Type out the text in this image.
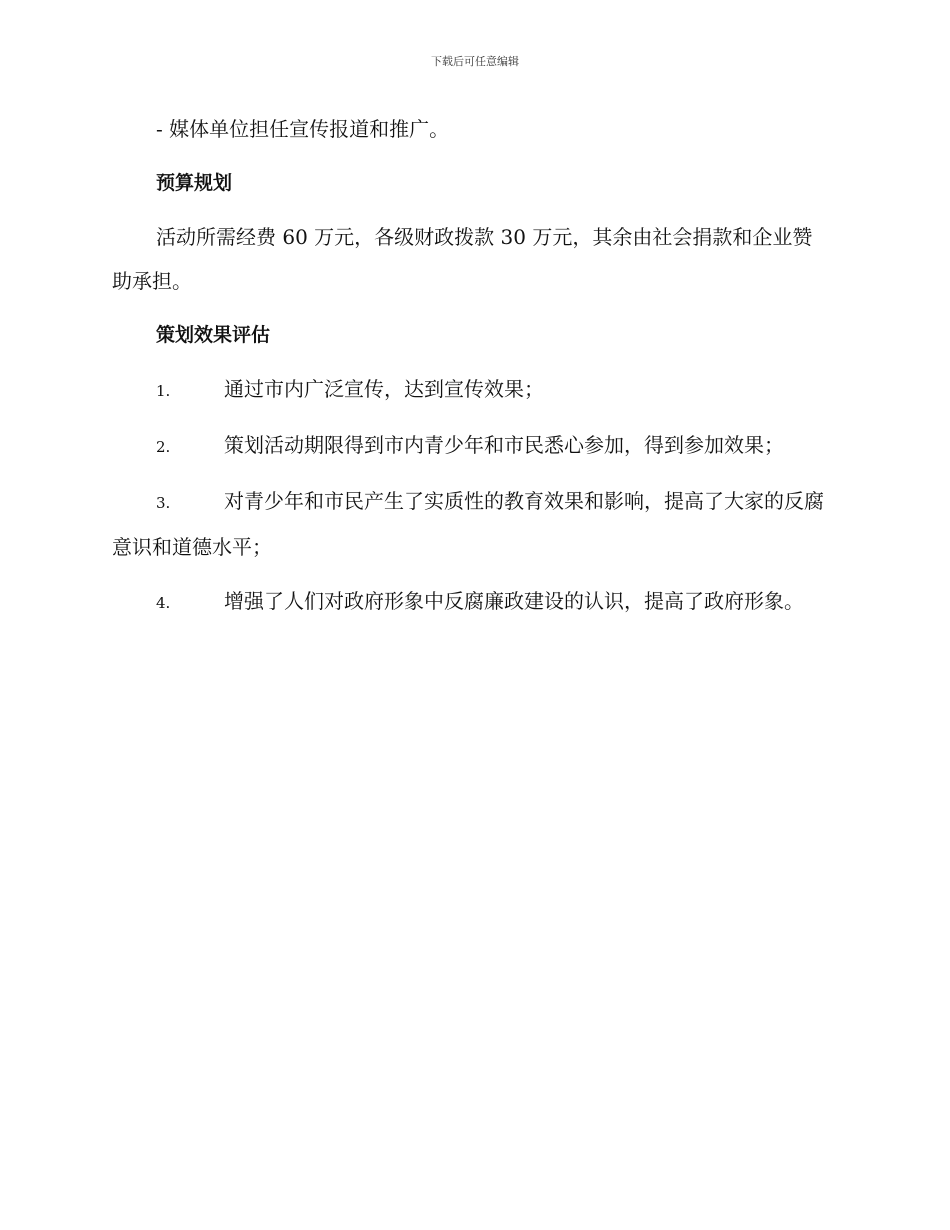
下载后可任意编辑

- 媒体单位担任宣传报道和推广。

预算规划

活动所需经费 60 万元，各级财政拨款 30 万元，其余由社会捐款和企业赞助承担。

策划效果评估

1.	通过市内广泛宣传，达到宣传效果；

2.	策划活动期限得到市内青少年和市民悉心参加，得到参加效果；

3.	对青少年和市民产生了实质性的教育效果和影响，提高了大家的反腐意识和道德水平；

4.	增强了人们对政府形象中反腐廉政建设的认识，提高了政府形象。
